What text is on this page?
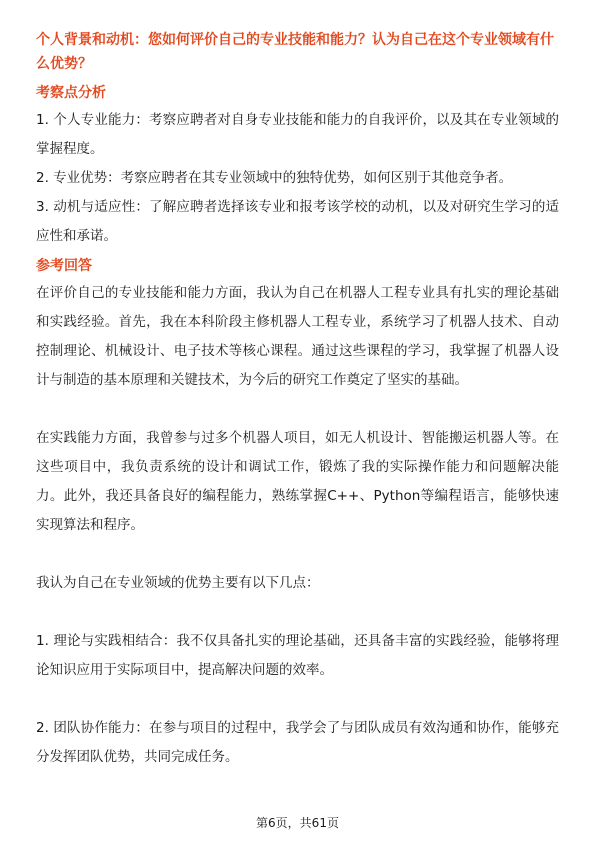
个人背景和动机：您如何评价自己的专业技能和能力？认为自己在这个专业领域有什么优势？

考察点分析

1. 个人专业能力：考察应聘者对自身专业技能和能力的自我评价，以及其在专业领域的掌握程度。

2. 专业优势：考察应聘者在其专业领域中的独特优势，如何区别于其他竞争者。

3. 动机与适应性：了解应聘者选择该专业和报考该学校的动机，以及对研究生学习的适应性和承诺。

参考回答

在评价自己的专业技能和能力方面，我认为自己在机器人工程专业具有扎实的理论基础和实践经验。首先，我在本科阶段主修机器人工程专业，系统学习了机器人技术、自动控制理论、机械设计、电子技术等核心课程。通过这些课程的学习，我掌握了机器人设计与制造的基本原理和关键技术，为今后的研究工作奠定了坚实的基础。

在实践能力方面，我曾参与过多个机器人项目，如无人机设计、智能搬运机器人等。在这些项目中，我负责系统的设计和调试工作，锻炼了我的实际操作能力和问题解决能力。此外，我还具备良好的编程能力，熟练掌握C++、Python等编程语言，能够快速实现算法和程序。

我认为自己在专业领域的优势主要有以下几点：

1. 理论与实践相结合：我不仅具备扎实的理论基础，还具备丰富的实践经验，能够将理论知识应用于实际项目中，提高解决问题的效率。

2. 团队协作能力：在参与项目的过程中，我学会了与团队成员有效沟通和协作，能够充分发挥团队优势，共同完成任务。

第6页，共61页
